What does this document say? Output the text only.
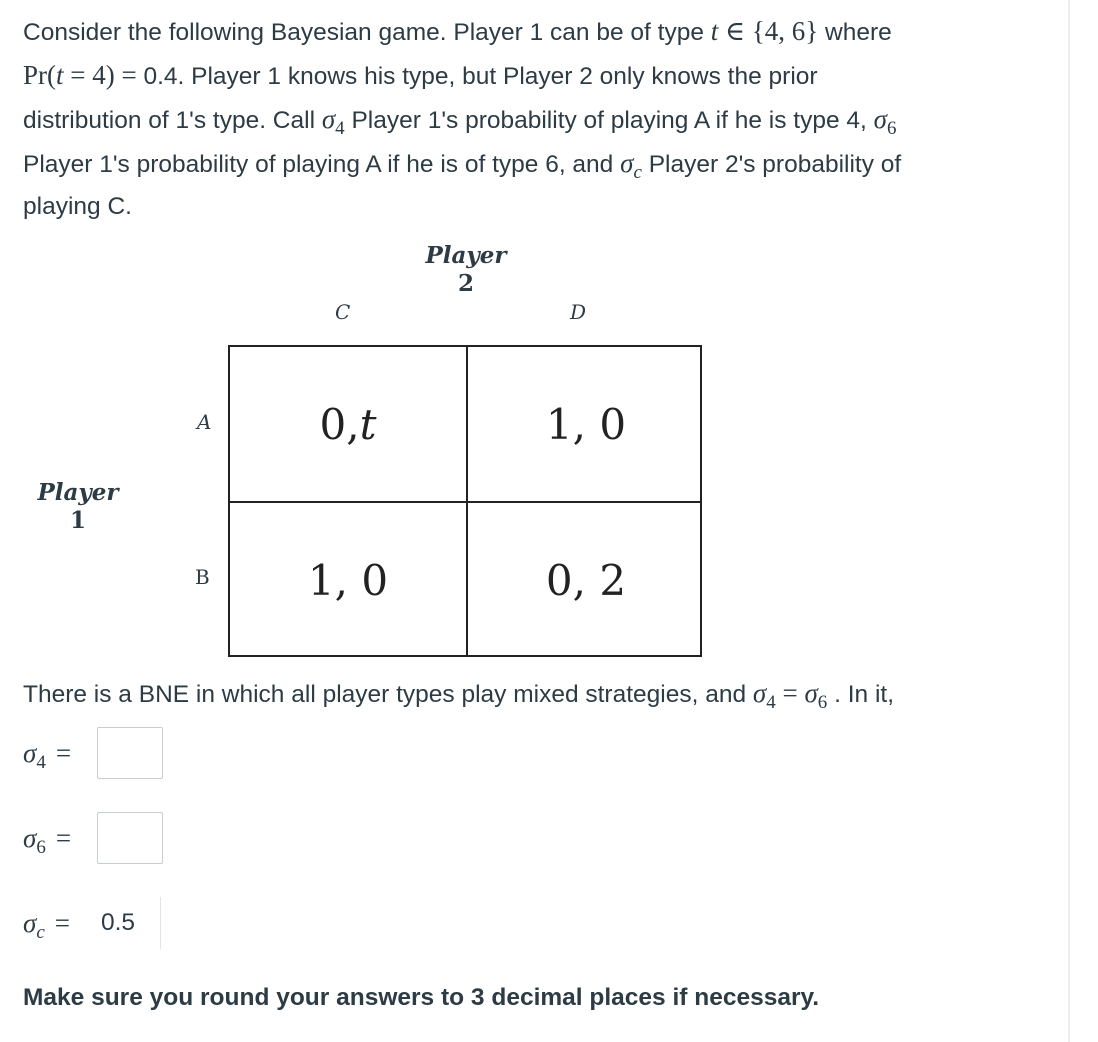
Consider the following Bayesian game. Player 1 can be of type t ∈ {4, 6} where
Pr(t = 4) = 0.4. Player 1 knows his type, but Player 2 only knows the prior
distribution of 1's type. Call $\sigma_4$ Player 1's probability of playing A if he is type 4, $\sigma_6$
Player 1's probability of playing A if he is of type 6, and $\sigma_c$ Player 2's probability of
playing C.
Player
2
C	D
Player
1
A
B
0, t	1, 0
1, 0	0, 2
There is a BNE in which all player types play mixed strategies, and $\sigma_4 = \sigma_6$ . In it,
$\sigma_4$ =
$\sigma_6$ =
$\sigma_c$ =	0.5
Make sure you round your answers to 3 decimal places if necessary.
